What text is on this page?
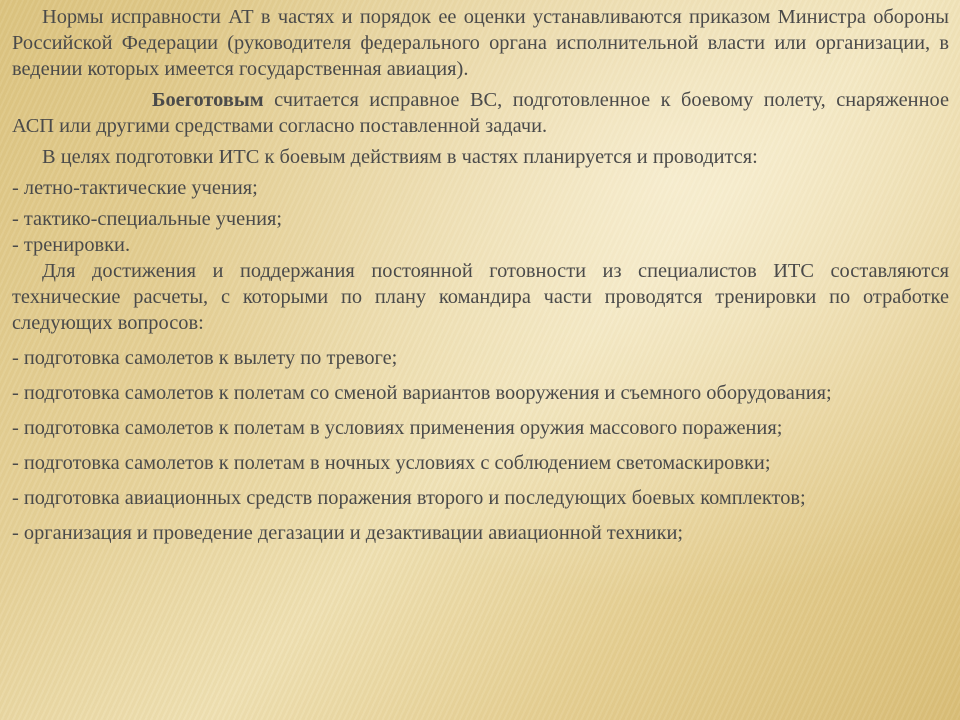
Нормы исправности АТ в частях и порядок ее оценки устанавливаются приказом Министра обороны Российской Федерации (руководителя федерального органа исполнительной власти или организации, в ведении которых имеется государственная авиация).

Боеготовым считается исправное ВС, подготовленное к боевому полету, снаряженное АСП или другими средствами согласно поставленной задачи.

В целях подготовки ИТС к боевым действиям в частях планируется и проводится:

- летно-тактические учения;

- тактико-специальные учения;

- тренировки.

Для достижения и поддержания постоянной готовности из специалистов ИТС составляются технические расчеты, с которыми по плану командира части проводятся тренировки по отработке следующих вопросов:

- подготовка самолетов к вылету по тревоге;

- подготовка самолетов к полетам со сменой вариантов вооружения и съемного оборудования;

- подготовка самолетов к полетам в условиях применения оружия массового поражения;

- подготовка самолетов к полетам в ночных условиях с соблюдением светомаскировки;

- подготовка авиационных средств поражения второго и последующих боевых комплектов;

- организация и проведение дегазации и дезактивации авиационной техники;
